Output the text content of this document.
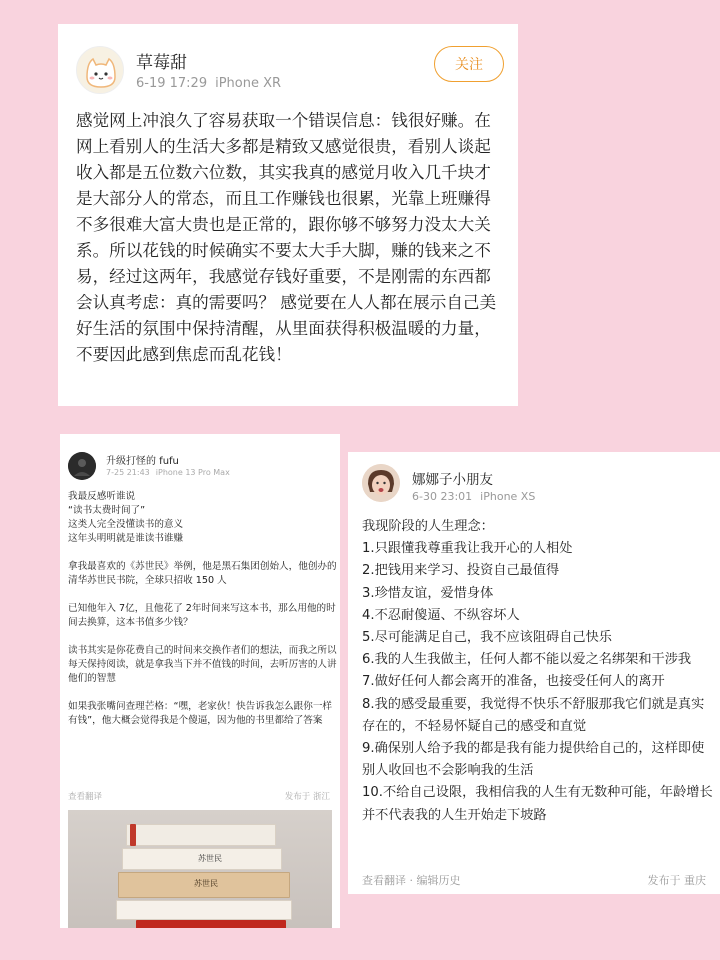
草莓甜
6-19 17:29 iPhone XR
关注
感觉网上冲浪久了容易获取一个错误信息：钱很好赚。在网上看别人的生活大多都是精致又感觉很贵，看别人谈起收入都是五位数六位数，其实我真的感觉月收入几千块才是大部分人的常态，而且工作赚钱也很累，光靠上班赚得不多很难大富大贵也是正常的，跟你够不够努力没太大关系。所以花钱的时候确实不要太大手大脚，赚的钱来之不易，经过这两年，我感觉存钱好重要，不是刚需的东西都会认真考虑：真的需要吗？ 感觉要在人人都在展示自己美好生活的氛围中保持清醒，从里面获得积极温暖的力量，不要因此感到焦虑而乱花钱！
升级打怪的 fufu
7-25 21:43 iPhone 13 Pro Max

我最反感听谁说
“读书太费时间了”
这类人完全没懂读书的意义
这年头明明就是谁读书谁赚

拿我最喜欢的《苏世民》举例，他是黑石集团创始人，他创办的清华苏世民书院，全球只招收 150 人

已知他年入 7亿，且他花了 2年时间来写这本书，那么用他的时间去换算，这本书值多少钱？

读书其实是你花费自己的时间来交换作者们的想法，而我之所以每天保持阅读，就是拿我当下并不值钱的时间，去听厉害的人讲他们的智慧

如果我张嘴问查理芒格：“嘿，老家伙！快告诉我怎么跟你一样有钱”，他大概会觉得我是个傻逼，因为他的书里都给了答案

查看翻译	发布于 浙江
苏世民
苏世民
娜娜子小朋友
6-30 23:01 iPhone XS
我现阶段的人生理念：
1.只跟懂我尊重我让我开心的人相处
2.把钱用来学习、投资自己最值得
3.珍惜友谊，爱惜身体
4.不忍耐傻逼、不纵容坏人
5.尽可能满足自己，我不应该阻碍自己快乐
6.我的人生我做主，任何人都不能以爱之名绑架和干涉我
7.做好任何人都会离开的准备，也接受任何人的离开
8.我的感受最重要，我觉得不快乐不舒服那我它们就是真实存在的，不轻易怀疑自己的感受和直觉
9.确保别人给予我的都是我有能力提供给自己的，这样即使别人收回也不会影响我的生活
10.不给自己设限，我相信我的人生有无数种可能，年龄增长并不代表我的人生开始走下坡路
查看翻译 · 编辑历史	发布于 重庆
